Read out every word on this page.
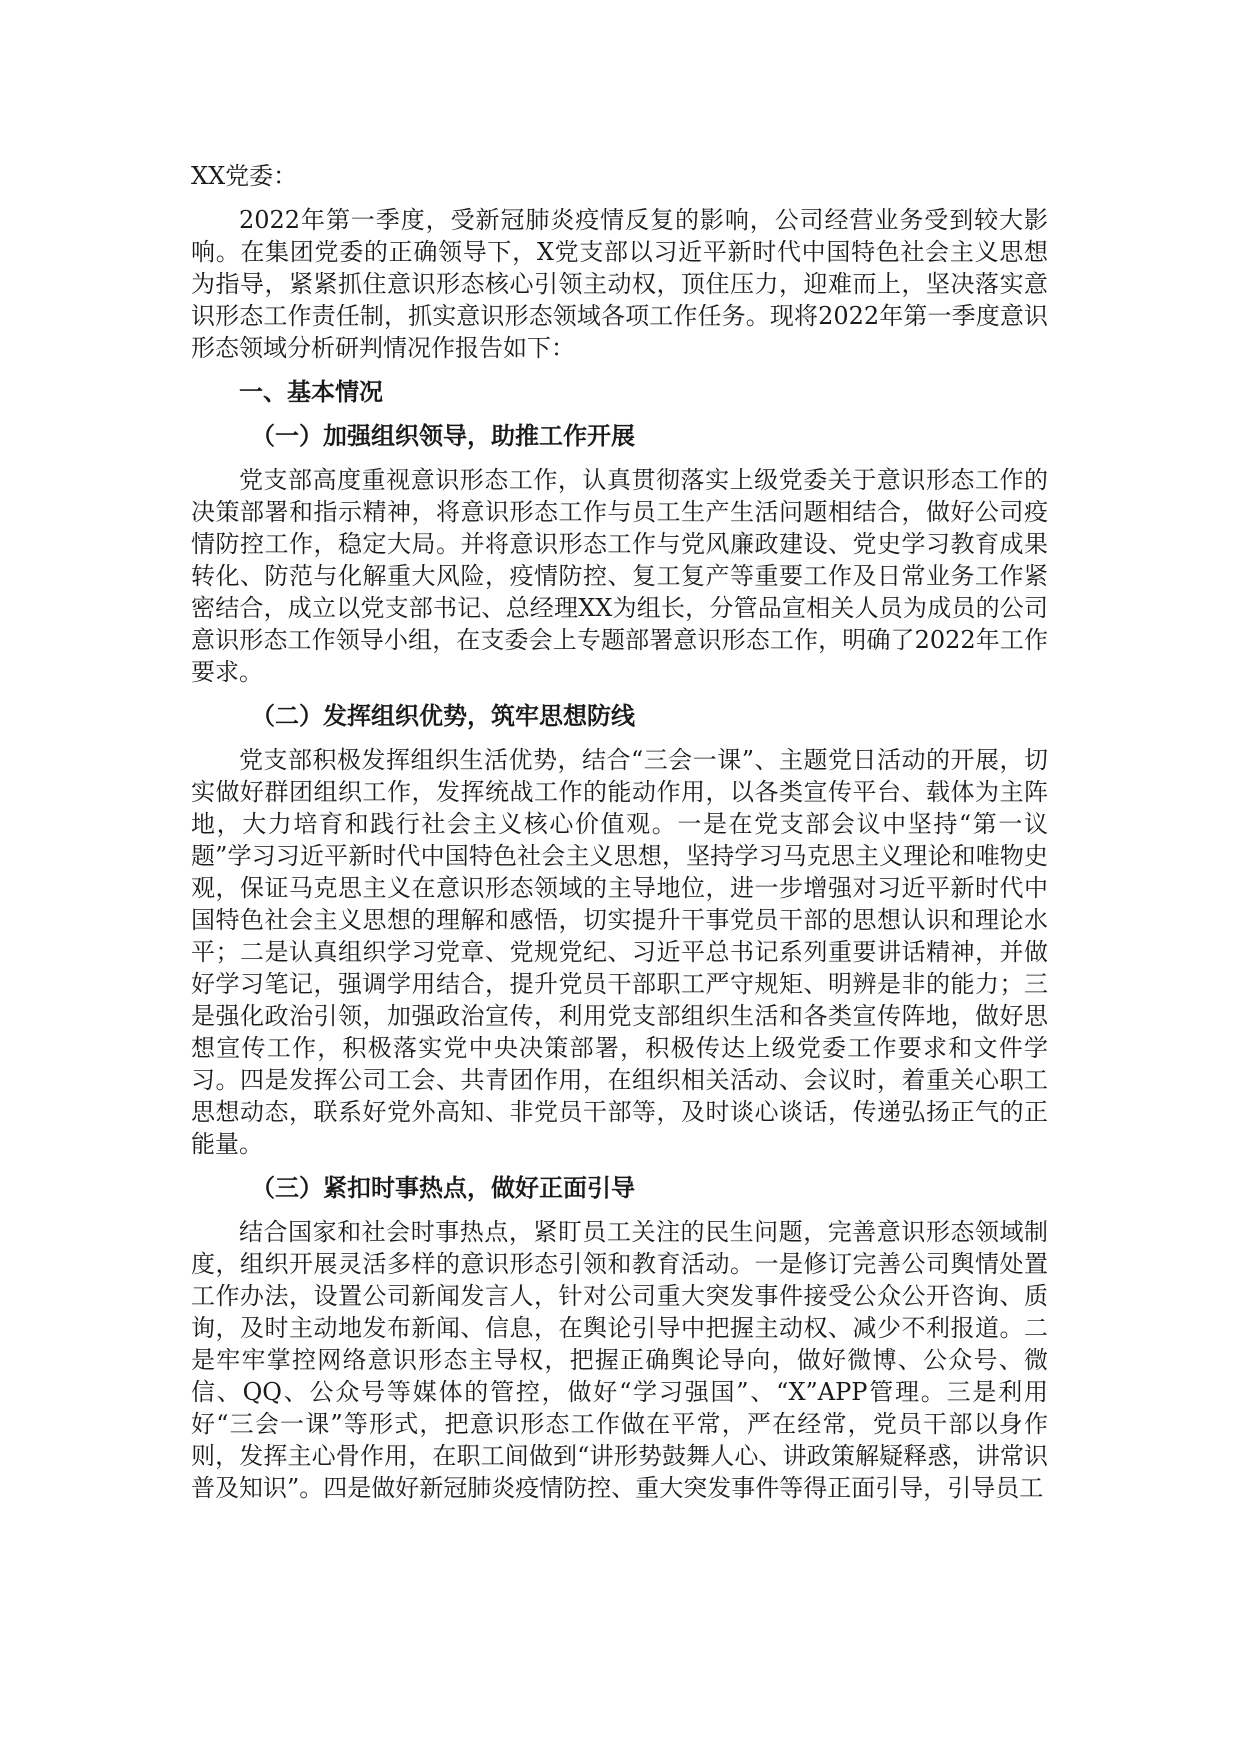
XX党委：

2022年第一季度，受新冠肺炎疫情反复的影响，公司经营业务受到较大影响。在集团党委的正确领导下，X党支部以习近平新时代中国特色社会主义思想为指导，紧紧抓住意识形态核心引领主动权，顶住压力，迎难而上，坚决落实意识形态工作责任制，抓实意识形态领域各项工作任务。现将2022年第一季度意识形态领域分析研判情况作报告如下：

一、基本情况

（一）加强组织领导，助推工作开展

党支部高度重视意识形态工作，认真贯彻落实上级党委关于意识形态工作的决策部署和指示精神，将意识形态工作与员工生产生活问题相结合，做好公司疫情防控工作，稳定大局。并将意识形态工作与党风廉政建设、党史学习教育成果转化、防范与化解重大风险，疫情防控、复工复产等重要工作及日常业务工作紧密结合，成立以党支部书记、总经理XX为组长，分管品宣相关人员为成员的公司意识形态工作领导小组，在支委会上专题部署意识形态工作，明确了2022年工作要求。

（二）发挥组织优势，筑牢思想防线

党支部积极发挥组织生活优势，结合“三会一课”、主题党日活动的开展，切实做好群团组织工作，发挥统战工作的能动作用，以各类宣传平台、载体为主阵地，大力培育和践行社会主义核心价值观。一是在党支部会议中坚持“第一议题”学习习近平新时代中国特色社会主义思想，坚持学习马克思主义理论和唯物史观，保证马克思主义在意识形态领域的主导地位，进一步增强对习近平新时代中国特色社会主义思想的理解和感悟，切实提升干事党员干部的思想认识和理论水平；二是认真组织学习党章、党规党纪、习近平总书记系列重要讲话精神，并做好学习笔记，强调学用结合，提升党员干部职工严守规矩、明辨是非的能力；三是强化政治引领，加强政治宣传，利用党支部组织生活和各类宣传阵地，做好思想宣传工作，积极落实党中央决策部署，积极传达上级党委工作要求和文件学习。四是发挥公司工会、共青团作用，在组织相关活动、会议时，着重关心职工思想动态，联系好党外高知、非党员干部等，及时谈心谈话，传递弘扬正气的正能量。

（三）紧扣时事热点，做好正面引导

结合国家和社会时事热点，紧盯员工关注的民生问题，完善意识形态领域制度，组织开展灵活多样的意识形态引领和教育活动。一是修订完善公司舆情处置工作办法，设置公司新闻发言人，针对公司重大突发事件接受公众公开咨询、质询，及时主动地发布新闻、信息，在舆论引导中把握主动权、减少不利报道。二是牢牢掌控网络意识形态主导权，把握正确舆论导向，做好微博、公众号、微信、QQ、公众号等媒体的管控，做好“学习强国”、“X”APP管理。三是利用好“三会一课”等形式，把意识形态工作做在平常，严在经常，党员干部以身作则，发挥主心骨作用，在职工间做到“讲形势鼓舞人心、讲政策解疑释惑，讲常识普及知识”。四是做好新冠肺炎疫情防控、重大突发事件等得正面引导，引导员工
